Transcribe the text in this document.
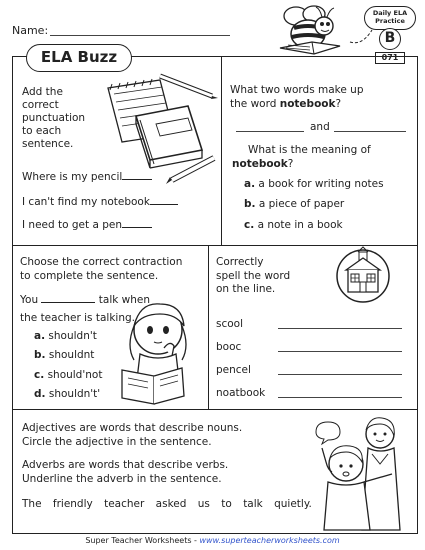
Name:
Daily ELA Practice
B
071
ELA Buzz
Add the
correct
punctuation
to each
sentence.
Where is my pencil
I can't find my notebook
I need to get a pen
What two words make up
the word notebook?
and
What is the meaning of
notebook?
a. a book for writing notes
b. a piece of paper
c. a note in a book
Choose the correct contraction
to complete the sentence.
You	talk when
the teacher is talking.
a. shouldn't
b. shouldnt
c. should'not
d. shouldn't'
Correctly
spell the word
on the line.
scool
booc
pencel
noatbook
Adjectives are words that describe nouns.
Circle the adjective in the sentence.
Adverbs are words that describe verbs.
Underline the adverb in the sentence.
The friendly teacher asked us to talk quietly.
Super Teacher Worksheets - www.superteacherworksheets.com
